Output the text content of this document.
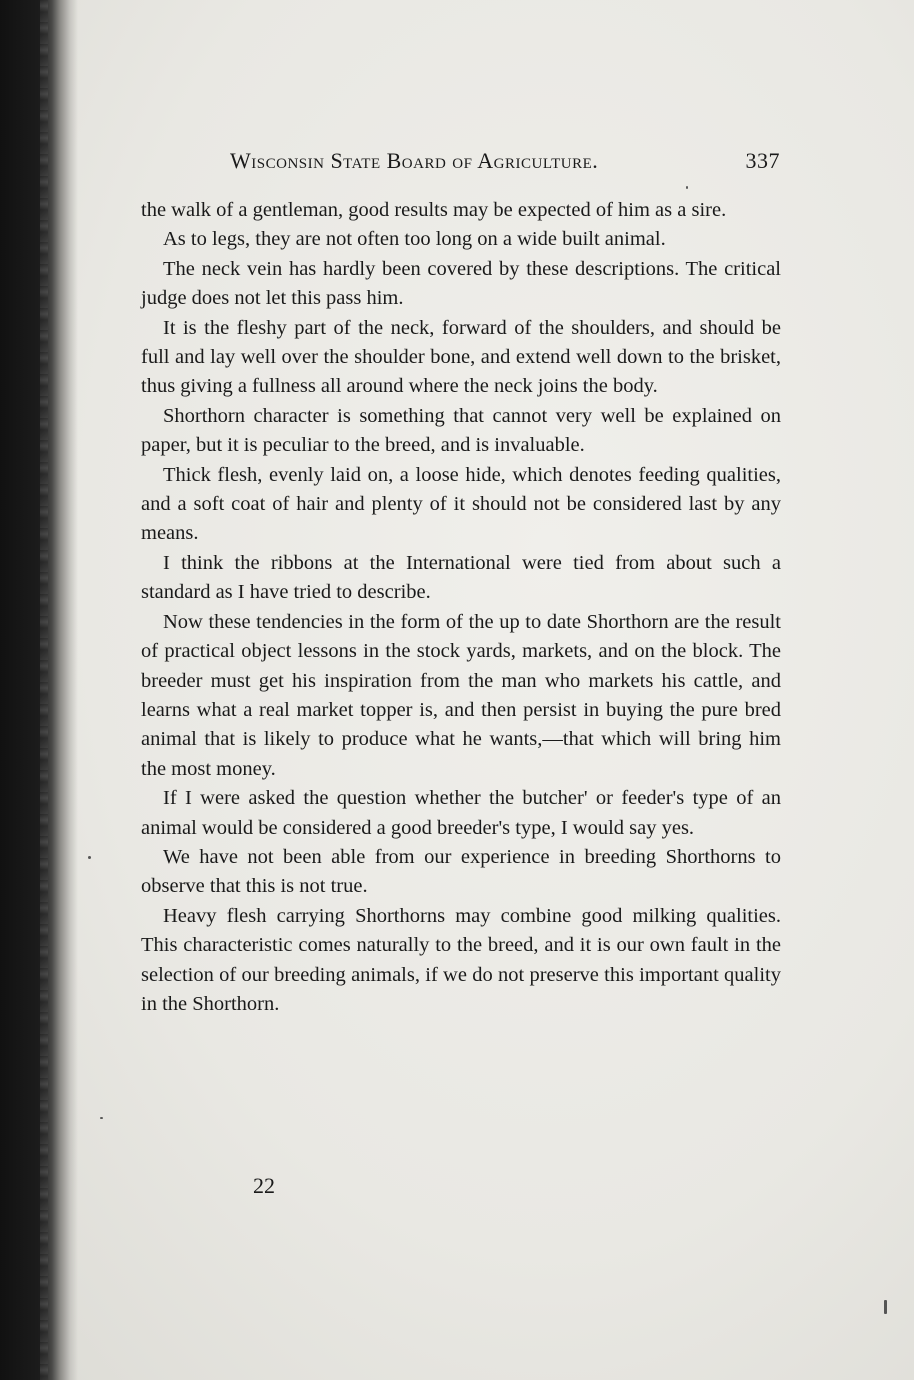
Wisconsin State Board of Agriculture.	337

the walk of a gentleman, good results may be expected of him as a sire.

As to legs, they are not often too long on a wide built animal.

The neck vein has hardly been covered by these descriptions. The critical judge does not let this pass him.

It is the fleshy part of the neck, forward of the shoulders, and should be full and lay well over the shoulder bone, and extend well down to the brisket, thus giving a fullness all around where the neck joins the body.

Shorthorn character is something that cannot very well be explained on paper, but it is peculiar to the breed, and is invaluable.

Thick flesh, evenly laid on, a loose hide, which denotes feeding qualities, and a soft coat of hair and plenty of it should not be considered last by any means.

I think the ribbons at the International were tied from about such a standard as I have tried to describe.

Now these tendencies in the form of the up to date Shorthorn are the result of practical object lessons in the stock yards, markets, and on the block. The breeder must get his inspiration from the man who markets his cattle, and learns what a real market topper is, and then persist in buying the pure bred animal that is likely to produce what he wants,—that which will bring him the most money.

If I were asked the question whether the butcher' or feeder's type of an animal would be considered a good breeder's type, I would say yes.

We have not been able from our experience in breeding Shorthorns to observe that this is not true.

Heavy flesh carrying Shorthorns may combine good milking qualities. This characteristic comes naturally to the breed, and it is our own fault in the selection of our breeding animals, if we do not preserve this important quality in the Shorthorn.

22
